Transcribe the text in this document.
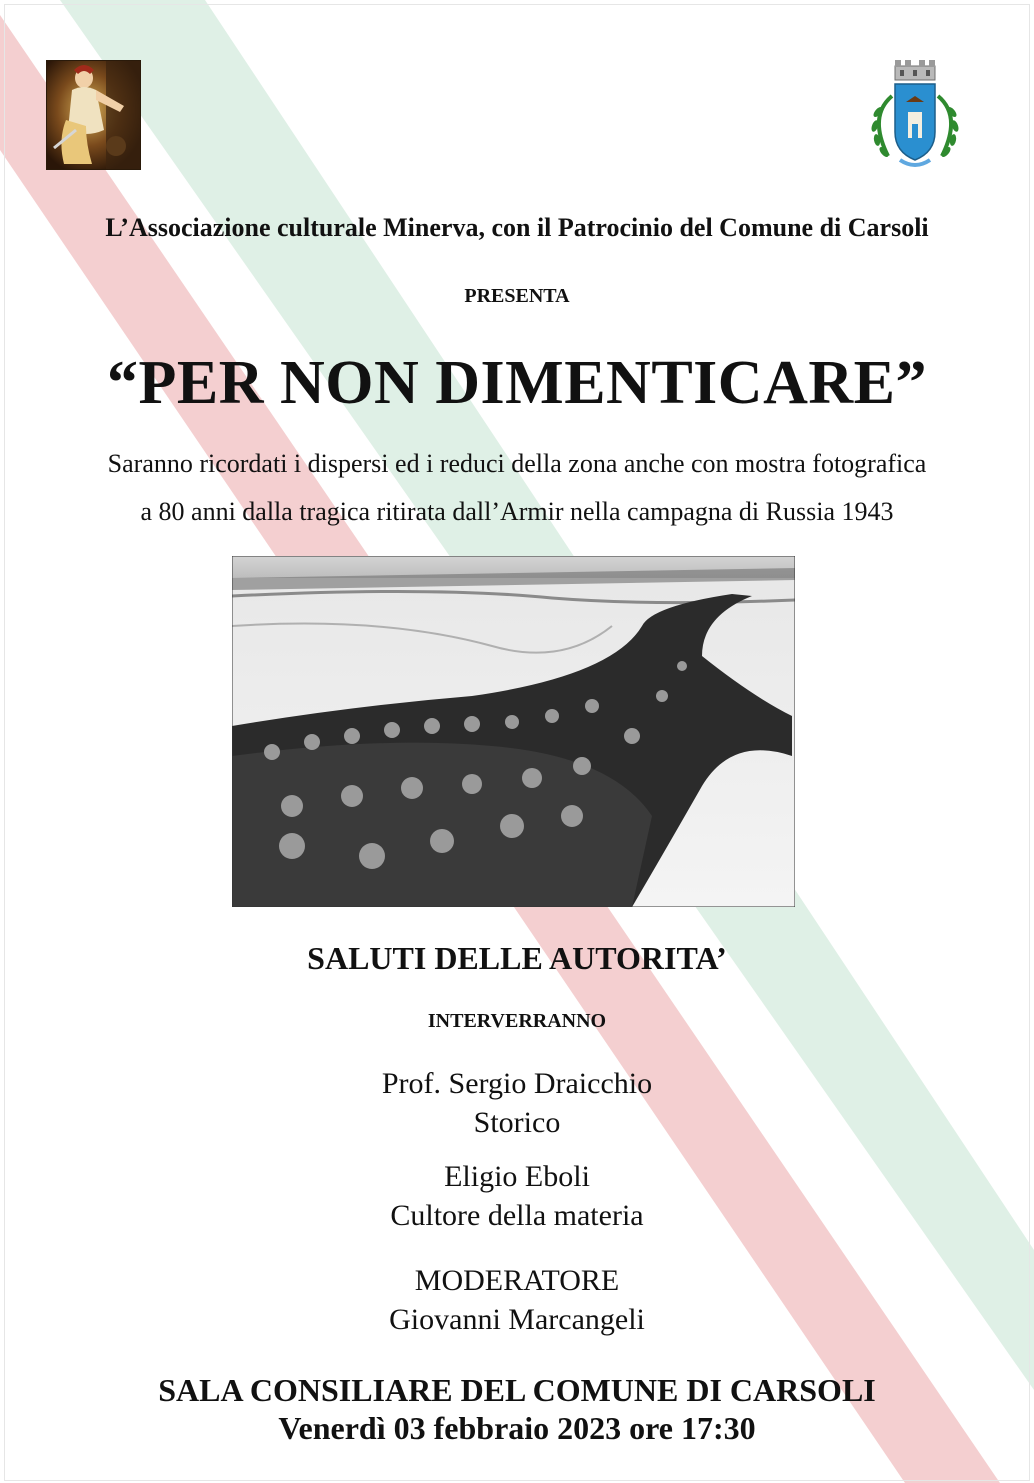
L’Associazione culturale Minerva, con il Patrocinio del Comune di Carsoli
PRESENTA
“PER NON DIMENTICARE”
Saranno ricordati i dispersi ed i reduci della zona anche con mostra fotografica
a 80 anni dalla tragica ritirata dall’Armir nella campagna di Russia 1943
SALUTI DELLE AUTORITA’
INTERVERRANNO
Prof. Sergio Draicchio
Storico
Eligio Eboli
Cultore della materia
MODERATORE
Giovanni Marcangeli
SALA CONSILIARE DEL COMUNE DI CARSOLI
Venerdì 03 febbraio 2023 ore 17:30
